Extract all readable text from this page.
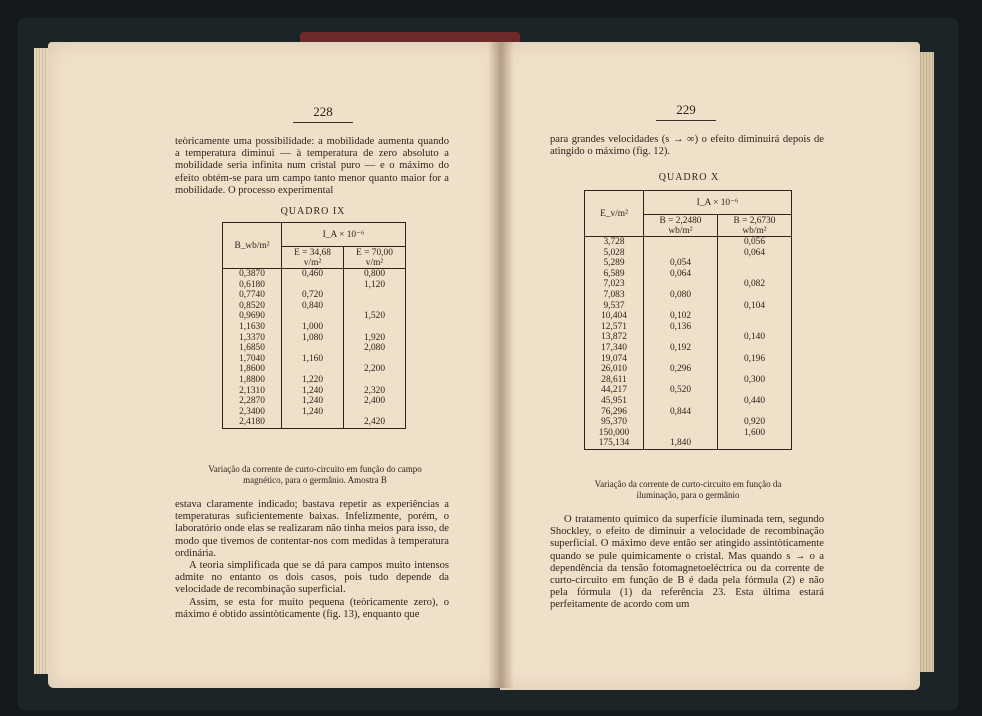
228

teòricamente uma possibilidade: a mobilidade aumenta quando a temperatura diminui — à temperatura de zero absoluto a mobilidade seria infinita num cristal puro — e o máximo do efeito obtém-se para um campo tanto menor quanto maior for a mobilidade. O processo experimental

QUADRO IX
B_wb/m²	I_A × 10⁻⁶	
	E = 34,68 v/m²	E = 70,00 v/m²
0,3870	0,460	0,800
0,6180		1,120
0,7740	0,720	
0,8520	0,840	
0,9690		1,520
1,1630	1,000	
1,3370	1,080	1,920
1,6850		2,080
1,7040	1,160	
1,8600		2,200
1,8800	1,220	
2,1310	1,240	2,320
2,2870	1,240	2,400
2,3400	1,240	
2,4180		2,420
Variação da corrente de curto-circuito em função do campo magnético, para o germânio. Amostra B

estava claramente indicado; bastava repetir as experiências a temperaturas suficientemente baixas. Infelizmente, porém, o laboratório onde elas se realizaram não tinha meios para isso, de modo que tivemos de contentar-nos com medidas à temperatura ordinária.

A teoria simplificada que se dá para campos muito intensos admite no entanto os dois casos, pois tudo depende da velocidade de recombinação superficial.

Assim, se esta for muito pequena (teòricamente zero), o máximo é obtido assintòticamente (fig. 13), enquanto que

229

para grandes velocidades (s → ∞) o efeito diminuirá depois de atingido o máximo (fig. 12).

QUADRO X
E_v/m²	I_A × 10⁻⁶	
	B = 2,2480 wb/m²	B = 2,6730 wb/m²
3,728		0,056
5,028		0,064
5,289	0,054	
6,589	0,064	
7,023		0,082
7,083	0,080	
9,537		0,104
10,404	0,102	
12,571	0,136	
13,872		0,140
17,340	0,192	
19,074		0,196
26,010	0,296	
28,611		0,300
44,217	0,520	
45,951		0,440
76,296	0,844	
95,370		0,920
150,000		1,600
175,134	1,840	
Variação da corrente de curto-circuito em função da iluminação, para o germânio

O tratamento químico da superfície iluminada tem, segundo Shockley, o efeito de diminuir a velocidade de recombinação superficial. O máximo deve então ser atingido assintòticamente quando se pule quimicamente o cristal. Mas quando s → o a dependência da tensão fotomagnetoeléctrica ou da corrente de curto-circuito em função de B é dada pela fórmula (2) e não pela fórmula (1) da referência 23. Esta última estará perfeitamente de acordo com um
